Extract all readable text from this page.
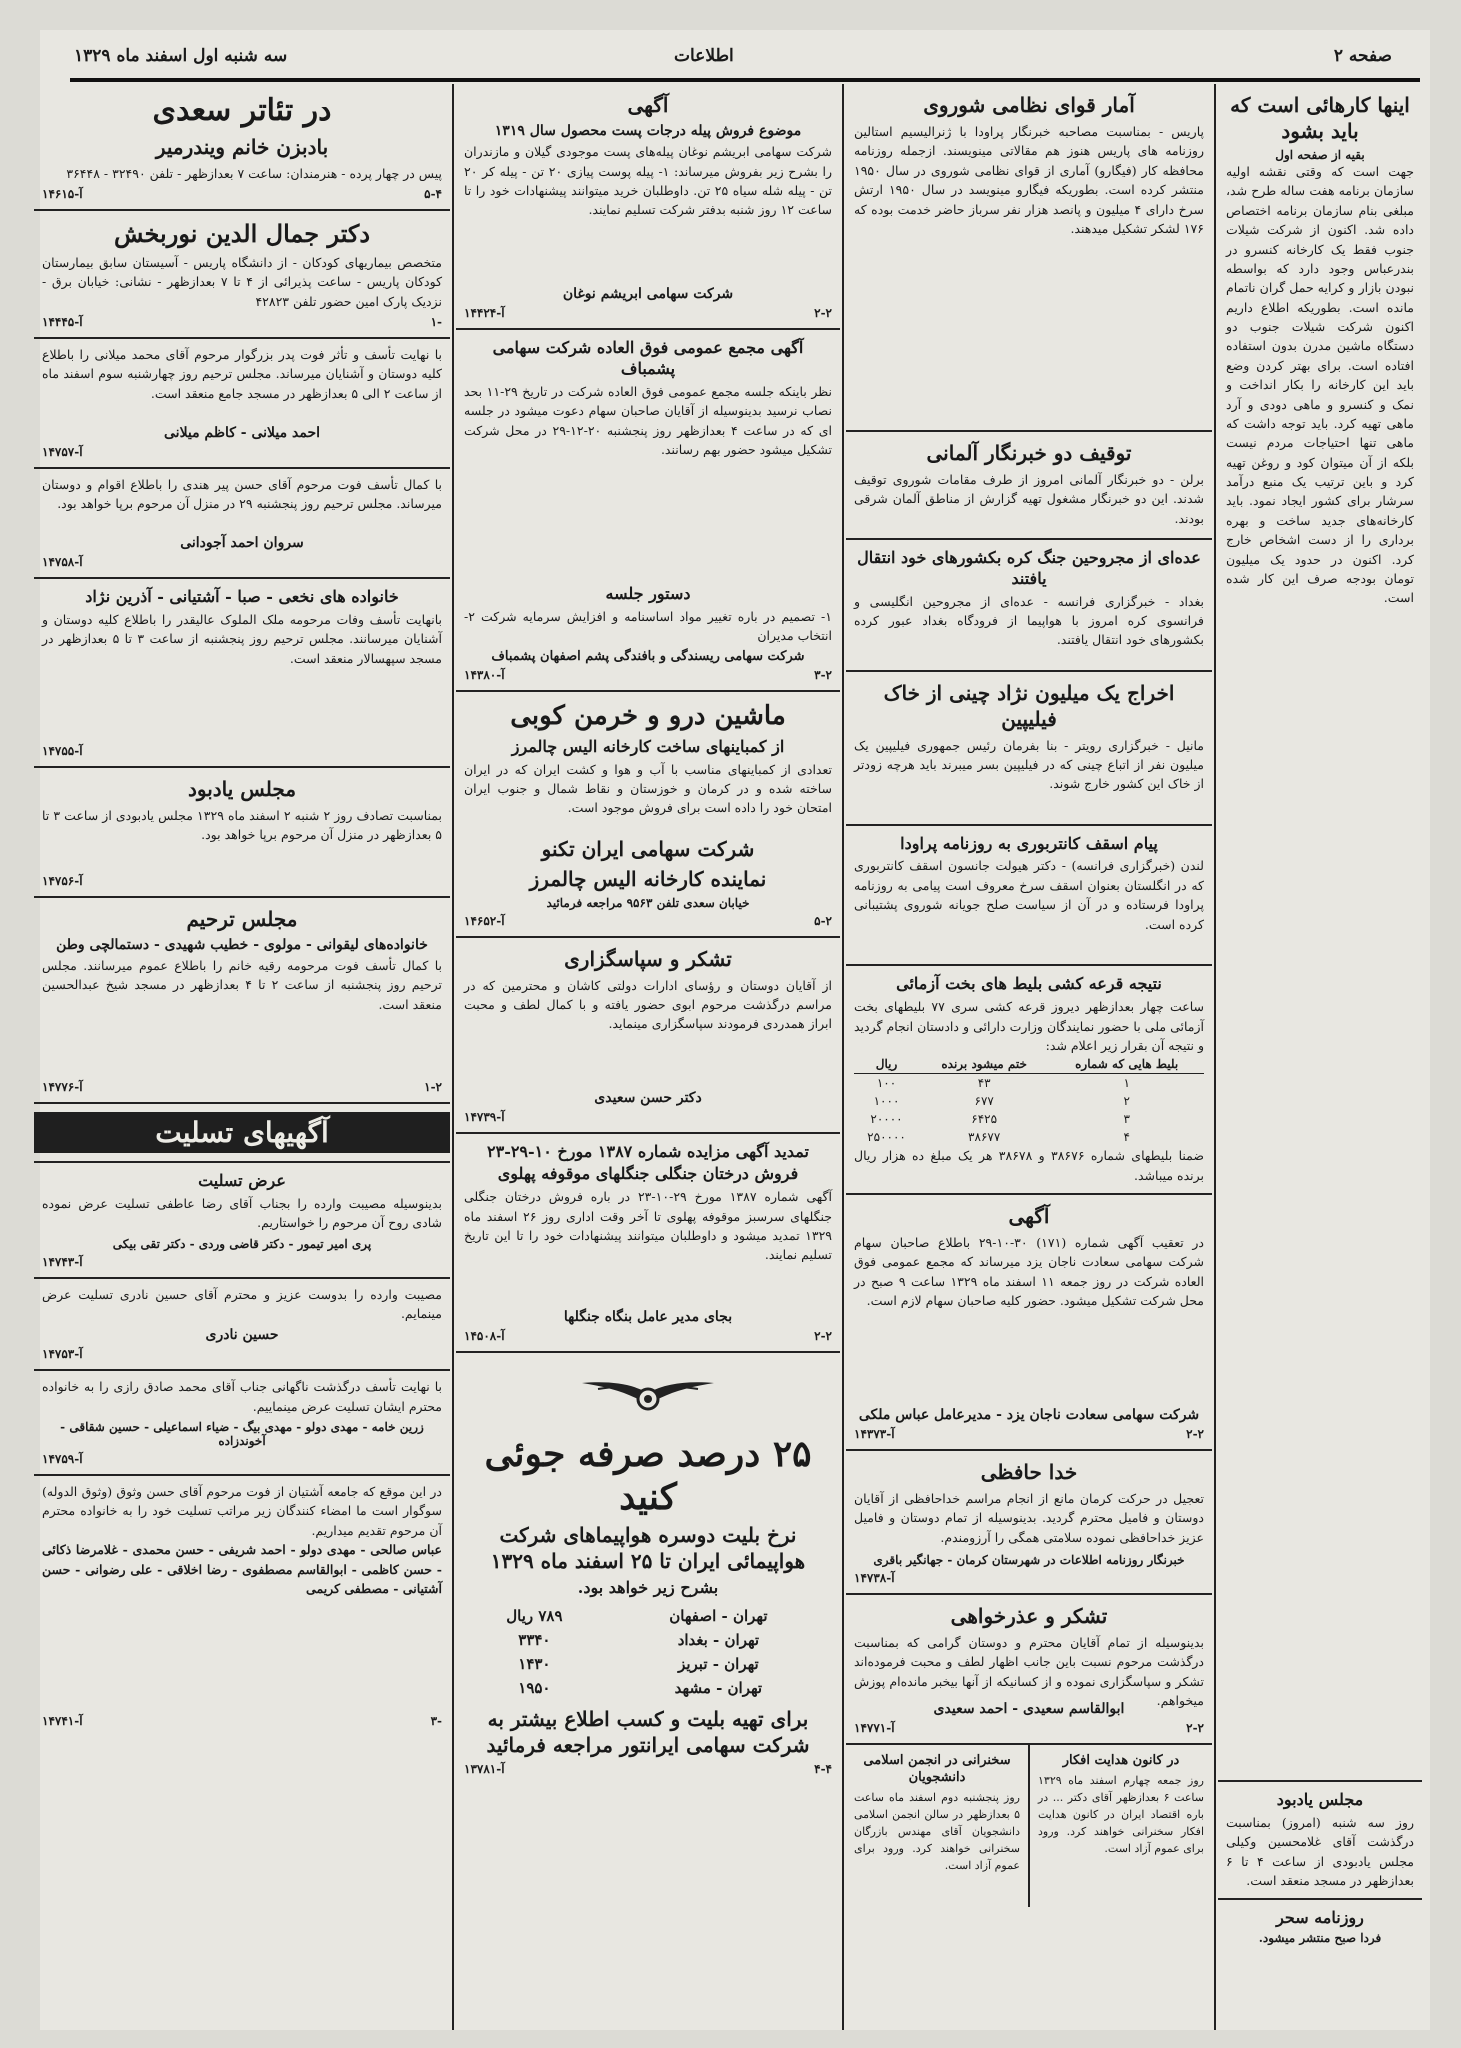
صفحه ۲
اطلاعات
سه شنبه اول اسفند ماه ۱۳۲۹
اینها کارهائی است که باید بشود
بقیه از صفحه اول
جهت است که وقتی نقشه اولیه سازمان برنامه هفت ساله طرح شد، مبلغی بنام سازمان برنامه اختصاص داده شد. اکنون از شرکت شیلات جنوب فقط یک کارخانه کنسرو در بندرعباس وجود دارد که بواسطه نبودن بازار و کرایه حمل گران ناتمام مانده است. بطوریکه اطلاع داریم اکنون شرکت شیلات جنوب دو دستگاه ماشین مدرن بدون استفاده افتاده است. برای بهتر کردن وضع باید این کارخانه را بکار انداخت و نمک و کنسرو و ماهی دودی و آرد ماهی تهیه کرد. باید توجه داشت که ماهی تنها احتیاجات مردم نیست بلکه از آن میتوان کود و روغن تهیه کرد و باین ترتیب یک منبع درآمد سرشار برای کشور ایجاد نمود. باید کارخانه‌های جدید ساخت و بهره برداری را از دست اشخاص خارج کرد. اکنون در حدود یک میلیون تومان بودجه صرف این کار شده است.
مجلس یادبود
روز سه شنبه (امروز) بمناسبت درگذشت آقای غلامحسین وکیلی مجلس یادبودی از ساعت ۴ تا ۶ بعدازظهر در مسجد منعقد است.
روزنامه سحر
فردا صبح منتشر میشود.
آمار قوای نظامی شوروی
پاریس - بمناسبت مصاحبه خبرنگار پراودا با ژنرالیسیم استالین روزنامه های پاریس هنوز هم مقالاتی مینویسند. ازجمله روزنامه محافظه کار (فیگارو) آماری از قوای نظامی شوروی در سال ۱۹۵۰ منتشر کرده است. بطوریکه فیگارو مینویسد در سال ۱۹۵۰ ارتش سرخ دارای ۴ میلیون و پانصد هزار نفر سرباز حاضر خدمت بوده که ۱۷۶ لشکر تشکیل میدهند.
توقیف دو خبرنگار آلمانی
برلن - دو خبرنگار آلمانی امروز از طرف مقامات شوروی توقیف شدند. این دو خبرنگار مشغول تهیه گزارش از مناطق آلمان شرقی بودند.
عده‌ای از مجروحین جنگ کره بکشورهای خود انتقال یافتند
بغداد - خبرگزاری فرانسه - عده‌ای از مجروحین انگلیسی و فرانسوی کره امروز با هواپیما از فرودگاه بغداد عبور کرده بکشورهای خود انتقال یافتند.
اخراج یک میلیون نژاد چینی از خاک فیلیپین
مانیل - خبرگزاری رویتر - بنا بفرمان رئیس جمهوری فیلیپین یک میلیون نفر از اتباع چینی که در فیلیپین بسر میبرند باید هرچه زودتر از خاک این کشور خارج شوند.
پیام اسقف کانتربوری به روزنامه پراودا
لندن (خبرگزاری فرانسه) - دکتر هیولت جانسون اسقف کانتربوری که در انگلستان بعنوان اسقف سرخ معروف است پیامی به روزنامه پراودا فرستاده و در آن از سیاست صلح جویانه شوروی پشتیبانی کرده است.
نتیجه قرعه کشی بلیط های بخت آزمائی
ساعت چهار بعدازظهر دیروز قرعه کشی سری ۷۷ بلیطهای بخت آزمائی ملی با حضور نمایندگان وزارت دارائی و دادستان انجام گردید و نتیجه آن بقرار زیر اعلام شد:
بلیط هایی که شماره	ختم میشود برنده	ریال
۱	۴۳	۱۰۰
۲	۶۷۷	۱۰۰۰
۳	۶۴۲۵	۲۰۰۰۰
۴	۳۸۶۷۷	۲۵۰۰۰۰
ضمنا بلیطهای شماره ۳۸۶۷۶ و ۳۸۶۷۸ هر یک مبلغ ده هزار ریال برنده میباشد.
آگهی
در تعقیب آگهی شماره (۱۷۱) ۳۰-۱۰-۲۹ باطلاع صاحبان سهام شرکت سهامی سعادت ناجان یزد میرساند که مجمع عمومی فوق العاده شرکت در روز جمعه ۱۱ اسفند ماه ۱۳۲۹ ساعت ۹ صبح در محل شرکت تشکیل میشود. حضور کلیه صاحبان سهام لازم است.
شرکت سهامی سعادت ناجان یزد - مدیرعامل عباس ملکی
آ-۱۴۳۷۳	۲-۲
خدا حافظی
تعجیل در حرکت کرمان مانع از انجام مراسم خداحافظی از آقایان دوستان و فامیل محترم گردید. بدینوسیله از تمام دوستان و فامیل عزیز خداحافظی نموده سلامتی همگی را آرزومندم.
خبرنگار روزنامه اطلاعات در شهرستان کرمان - جهانگیر باقری
آ-۱۴۷۳۸
تشکر و عذرخواهی
بدینوسیله از تمام آقایان محترم و دوستان گرامی که بمناسبت درگذشت مرحوم نسبت باین جانب اظهار لطف و محبت فرموده‌اند تشکر و سپاسگزاری نموده و از کسانیکه از آنها بیخبر مانده‌ام پوزش میخواهم.
ابوالقاسم سعیدی - احمد سعیدی
آ-۱۴۷۷۱	۲-۲
در کانون هدایت افکار
روز جمعه چهارم اسفند ماه ۱۳۲۹ ساعت ۶ بعدازظهر آقای دکتر ... در باره اقتصاد ایران در کانون هدایت افکار سخنرانی خواهند کرد. ورود برای عموم آزاد است.
سخنرانی در انجمن اسلامی دانشجویان
روز پنجشنبه دوم اسفند ماه ساعت ۵ بعدازظهر در سالن انجمن اسلامی دانشجویان آقای مهندس بازرگان سخنرانی خواهند کرد. ورود برای عموم آزاد است.
آگهی
موضوع فروش پیله درجات پست محصول سال ۱۳۱۹
شرکت سهامی ابریشم نوغان پیله‌های پست موجودی گیلان و مازندران را بشرح زیر بفروش میرساند: ۱- پیله پوست پیازی ۲۰ تن - پیله کر ۲۰ تن - پیله شله سیاه ۲۵ تن. داوطلبان خرید میتوانند پیشنهادات خود را تا ساعت ۱۲ روز شنبه بدفتر شرکت تسلیم نمایند.
شرکت سهامی ابریشم نوغان
آ-۱۴۴۲۴	۲-۲
آگهی مجمع عمومی فوق العاده شرکت سهامی پشمباف
نظر باینکه جلسه مجمع عمومی فوق العاده شرکت در تاریخ ۲۹-۱۱ بحد نصاب نرسید بدینوسیله از آقایان صاحبان سهام دعوت میشود در جلسه ای که در ساعت ۴ بعدازظهر روز پنجشنبه ۲۰-۱۲-۲۹ در محل شرکت تشکیل میشود حضور بهم رسانند.
دستور جلسه
۱- تصمیم در باره تغییر مواد اساسنامه و افزایش سرمایه شرکت ۲- انتخاب مدیران
شرکت سهامی ریسندگی و بافندگی پشم اصفهان پشمباف
آ-۱۴۳۸۰	۳-۲
ماشین درو و خرمن کوبی
از کمباینهای ساخت کارخانه الیس چالمرز
تعدادی از کمباینهای مناسب با آب و هوا و کشت ایران که در ایران ساخته شده و در کرمان و خوزستان و نقاط شمال و جنوب ایران امتحان خود را داده است برای فروش موجود است.
شرکت سهامی ایران تکنو
نماینده کارخانه الیس چالمرز
خیابان سعدی تلفن ۹۵۶۳ مراجعه فرمائید
آ-۱۴۶۵۲	۵-۲
تشکر و سپاسگزاری
از آقایان دوستان و رؤسای ادارات دولتی کاشان و محترمین که در مراسم درگذشت مرحوم ابوی حضور یافته و با کمال لطف و محبت ابراز همدردی فرمودند سپاسگزاری مینماید.
دکتر حسن سعیدی
آ-۱۴۷۳۹
تمدید آگهی مزایده شماره ۱۳۸۷ مورخ ۱۰-۲۹-۲۳
فروش درختان جنگلی جنگلهای موقوفه پهلوی
آگهی شماره ۱۳۸۷ مورخ ۲۹-۱۰-۲۳ در باره فروش درختان جنگلی جنگلهای سرسبز موقوفه پهلوی تا آخر وقت اداری روز ۲۶ اسفند ماه ۱۳۲۹ تمدید میشود و داوطلبان میتوانند پیشنهادات خود را تا این تاریخ تسلیم نمایند.
بجای مدیر عامل بنگاه جنگلها
آ-۱۴۵۰۸	۲-۲
۲۵ درصد صرفه جوئی کنید
نرخ بلیت دوسره هواپیماهای شرکت هواپیمائی ایران تا ۲۵ اسفند ماه ۱۳۲۹
بشرح زیر خواهد بود.
تهران - اصفهان	۷۸۹ ریال
تهران - بغداد	۳۳۴۰
تهران - تبریز	۱۴۳۰
تهران - مشهد	۱۹۵۰
برای تهیه بلیت و کسب اطلاع بیشتر به شرکت سهامی ایرانتور مراجعه فرمائید
آ-۱۳۷۸۱	۴-۴
در تئاتر سعدی
بادبزن خانم ویندرمیر
پیس در چهار پرده - هنرمندان: ساعت ۷ بعدازظهر - تلفن ۳۲۴۹۰ - ۳۶۴۴۸
آ-۱۴۶۱۵	۵-۴
دکتر جمال الدین نوربخش
متخصص بیماریهای کودکان - از دانشگاه پاریس - آسیستان سابق بیمارستان کودکان پاریس - ساعت پذیرائی از ۴ تا ۷ بعدازظهر - نشانی: خیابان برق - نزدیک پارک امین حضور تلفن ۴۲۸۲۳
آ-۱۴۴۴۵	۱-
با نهایت تأسف و تأثر فوت پدر بزرگوار مرحوم آقای محمد میلانی را باطلاع کلیه دوستان و آشنایان میرساند. مجلس ترحیم روز چهارشنبه سوم اسفند ماه از ساعت ۲ الی ۵ بعدازظهر در مسجد جامع منعقد است.
احمد میلانی - کاظم میلانی
آ-۱۴۷۵۷
با کمال تأسف فوت مرحوم آقای حسن پیر هندی را باطلاع اقوام و دوستان میرساند. مجلس ترحیم روز پنجشنبه ۲۹ در منزل آن مرحوم برپا خواهد بود.
سروان احمد آجودانی
آ-۱۴۷۵۸
خانواده های نخعی - صبا - آشتیانی - آذرین نژاد
بانهایت تأسف وفات مرحومه ملک الملوک عالیقدر را باطلاع کلیه دوستان و آشنایان میرسانند. مجلس ترحیم روز پنجشنبه از ساعت ۳ تا ۵ بعدازظهر در مسجد سپهسالار منعقد است.
آ-۱۴۷۵۵
مجلس یادبود
بمناسبت تصادف روز ۲ شنبه ۲ اسفند ماه ۱۳۲۹ مجلس یادبودی از ساعت ۳ تا ۵ بعدازظهر در منزل آن مرحوم برپا خواهد بود.
آ-۱۴۷۵۶
مجلس ترحیم
خانواده‌های لیقوانی - مولوی - خطیب شهیدی - دستمالچی وطن
با کمال تأسف فوت مرحومه رقیه خانم را باطلاع عموم میرسانند. مجلس ترحیم روز پنجشنبه از ساعت ۲ تا ۴ بعدازظهر در مسجد شیخ عبدالحسین منعقد است.
آ-۱۴۷۷۶	۱-۲
آگهیهای تسلیت
عرض تسلیت
بدینوسیله مصیبت وارده را بجناب آقای رضا عاطفی تسلیت عرض نموده شادی روح آن مرحوم را خواستاریم.
پری امیر تیمور - دکتر قاضی وردی - دکتر تقی بیکی
آ-۱۴۷۴۳
مصیبت وارده را بدوست عزیز و محترم آقای حسین نادری تسلیت عرض مینمایم.
حسین نادری
آ-۱۴۷۵۳
با نهایت تأسف درگذشت ناگهانی جناب آقای محمد صادق رازی را به خانواده محترم ایشان تسلیت عرض مینماییم.
زرین خامه - مهدی دولو - مهدی بیگ - ضیاء اسماعیلی - حسین شقاقی - آخوندزاده
آ-۱۴۷۵۹
در این موقع که جامعه آشتیان از فوت مرحوم آقای حسن وثوق (وثوق الدوله) سوگوار است ما امضاء کنندگان زیر مراتب تسلیت خود را به خانواده محترم آن مرحوم تقدیم میداریم.
عباس صالحی - مهدی دولو - احمد شریفی - حسن محمدی - غلامرضا ذکائی - حسن کاظمی - ابوالقاسم مصطفوی - رضا اخلاقی - علی رضوانی - حسن آشتیانی - مصطفی کریمی
آ-۱۴۷۴۱	۳-
